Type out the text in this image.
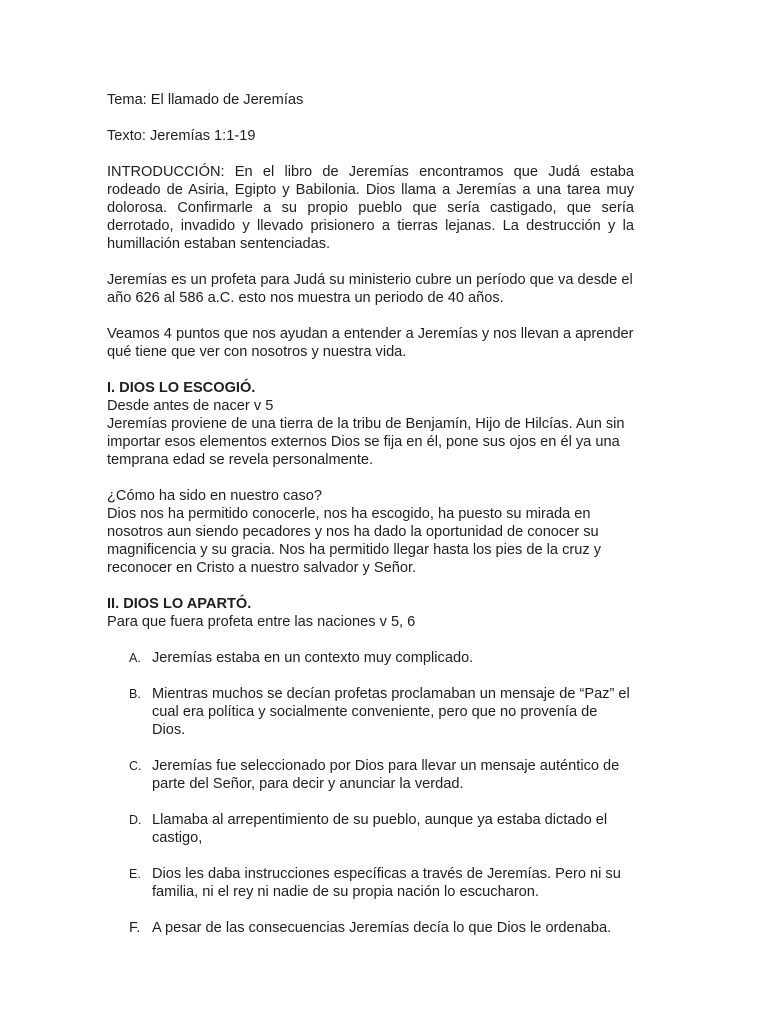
Tema: El llamado de Jeremías

Texto: Jeremías 1:1-19

INTRODUCCIÓN: En el libro de Jeremías encontramos que Judá estaba rodeado de Asiria, Egipto y Babilonia. Dios llama a Jeremías a una tarea muy dolorosa. Confirmarle a su propio pueblo que sería castigado, que sería derrotado, invadido y llevado prisionero a tierras lejanas. La destrucción y la humillación estaban sentenciadas.

Jeremías es un profeta para Judá su ministerio cubre un período que va desde el año 626 al 586 a.C. esto nos muestra un periodo de 40 años.

Veamos 4 puntos que nos ayudan a entender a Jeremías y nos llevan a aprender qué tiene que ver con nosotros y nuestra vida.

I. DIOS LO ESCOGIÓ.

Desde antes de nacer v 5

Jeremías proviene de una tierra de la tribu de Benjamín, Hijo de Hilcías. Aun sin importar esos elementos externos Dios se fija en él, pone sus ojos en él ya una temprana edad se revela personalmente.

¿Cómo ha sido en nuestro caso?

Dios nos ha permitido conocerle, nos ha escogido, ha puesto su mirada en nosotros aun siendo pecadores y nos ha dado la oportunidad de conocer su magnificencia y su gracia. Nos ha permitido llegar hasta los pies de la cruz y reconocer en Cristo a nuestro salvador y Señor.

II. DIOS LO APARTÓ.

Para que fuera profeta entre las naciones v 5, 6

A. Jeremías estaba en un contexto muy complicado.
B. Mientras muchos se decían profetas proclamaban un mensaje de “Paz” el cual era política y socialmente conveniente, pero que no provenía de Dios.
C. Jeremías fue seleccionado por Dios para llevar un mensaje auténtico de parte del Señor, para decir y anunciar la verdad.
D. Llamaba al arrepentimiento de su pueblo, aunque ya estaba dictado el castigo,
E. Dios les daba instrucciones específicas a través de Jeremías. Pero ni su familia, ni el rey ni nadie de su propia nación lo escucharon.
F. A pesar de las consecuencias Jeremías decía lo que Dios le ordenaba.
